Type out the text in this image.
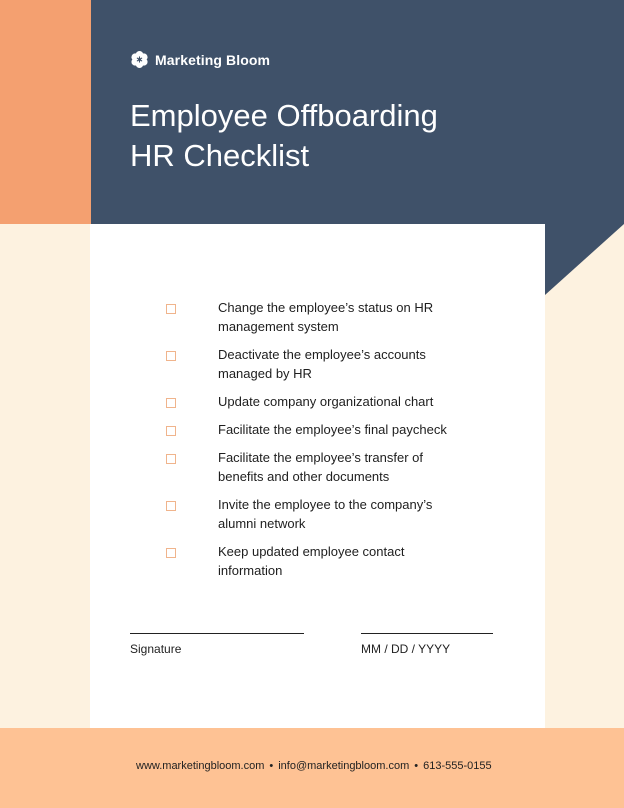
Marketing Bloom
Employee Offboarding
HR Checklist
Change the employee’s status on HR management system
Deactivate the employee’s accounts managed by HR
Update company organizational chart
Facilitate the employee’s final paycheck
Facilitate the employee’s transfer of benefits and other documents
Invite the employee to the company’s alumni network
Keep updated employee contact information
Signature	MM / DD / YYYY
www.marketingbloom.com • info@marketingbloom.com • 613-555-0155
